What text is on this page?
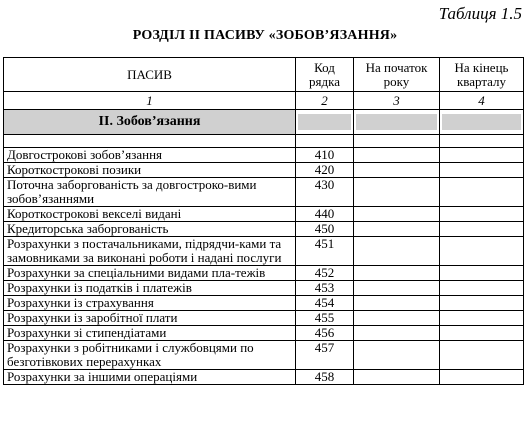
Таблиця 1.5
РОЗДІЛ ІІ ПАСИВУ «ЗОБОВ’ЯЗАННЯ»
ПАСИВ	Код рядка	На початок року	На кінець кварталу
1	2	3	4
ІІ. Зобов’язання	

Довгострокові зобов’язання	410		
Короткострокові позики	420		
Поточна заборгованість за довгостроко-вими зобов’язаннями	430		
Короткострокові векселі видані	440		
Кредиторська заборгованість	450		
Розрахунки з постачальниками, підрядчи-ками та замовниками за виконані роботи і надані послуги	451		
Розрахунки за спеціальними видами пла-тежів	452		
Розрахунки із податків і платежів	453		
Розрахунки із страхування	454		
Розрахунки із заробітної плати	455		
Розрахунки зі стипендіатами	456		
Розрахунки з робітниками і службовцями по безготівкових перерахунках	457		
Розрахунки за іншими операціями	458		
